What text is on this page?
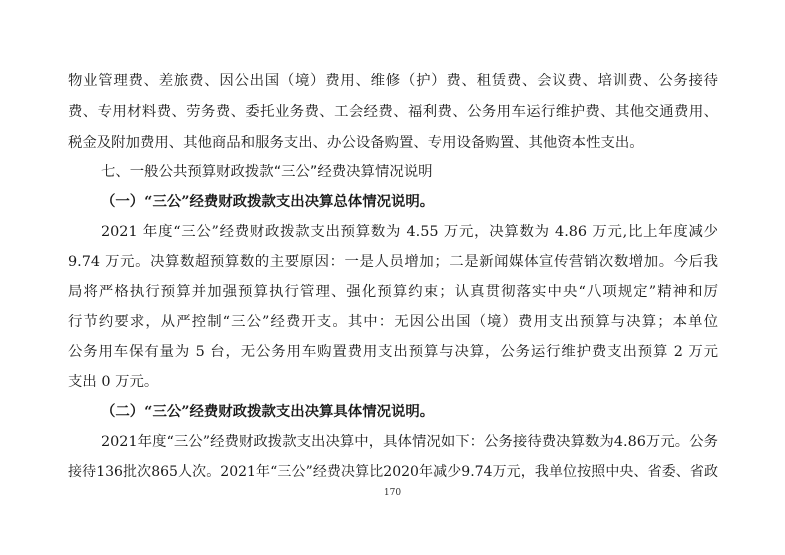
物业管理费、差旅费、因公出国（境）费用、维修（护）费、租赁费、会议费、培训费、公务接待
费、专用材料费、劳务费、委托业务费、工会经费、福利费、公务用车运行维护费、其他交通费用、
税金及附加费用、其他商品和服务支出、办公设备购置、专用设备购置、其他资本性支出。
七、一般公共预算财政拨款“三公”经费决算情况说明
（一）“三公”经费财政拨款支出决算总体情况说明。
2021 年度“三公”经费财政拨款支出预算数为 4.55 万元，决算数为 4.86 万元,比上年度减少
9.74 万元。决算数超预算数的主要原因：一是人员增加；二是新闻媒体宣传营销次数增加。今后我
局将严格执行预算并加强预算执行管理、强化预算约束；认真贯彻落实中央“八项规定”精神和厉
行节约要求，从严控制“三公”经费开支。其中：无因公出国（境）费用支出预算与决算；本单位
公务用车保有量为 5 台，无公务用车购置费用支出预算与决算，公务运行维护费支出预算 2 万元
支出 0 万元。
（二）“三公”经费财政拨款支出决算具体情况说明。
2021年度“三公”经费财政拨款支出决算中，具体情况如下：公务接待费决算数为4.86万元。公务
接待136批次865人次。2021年“三公”经费决算比2020年减少9.74万元，我单位按照中央、省委、省政
170
